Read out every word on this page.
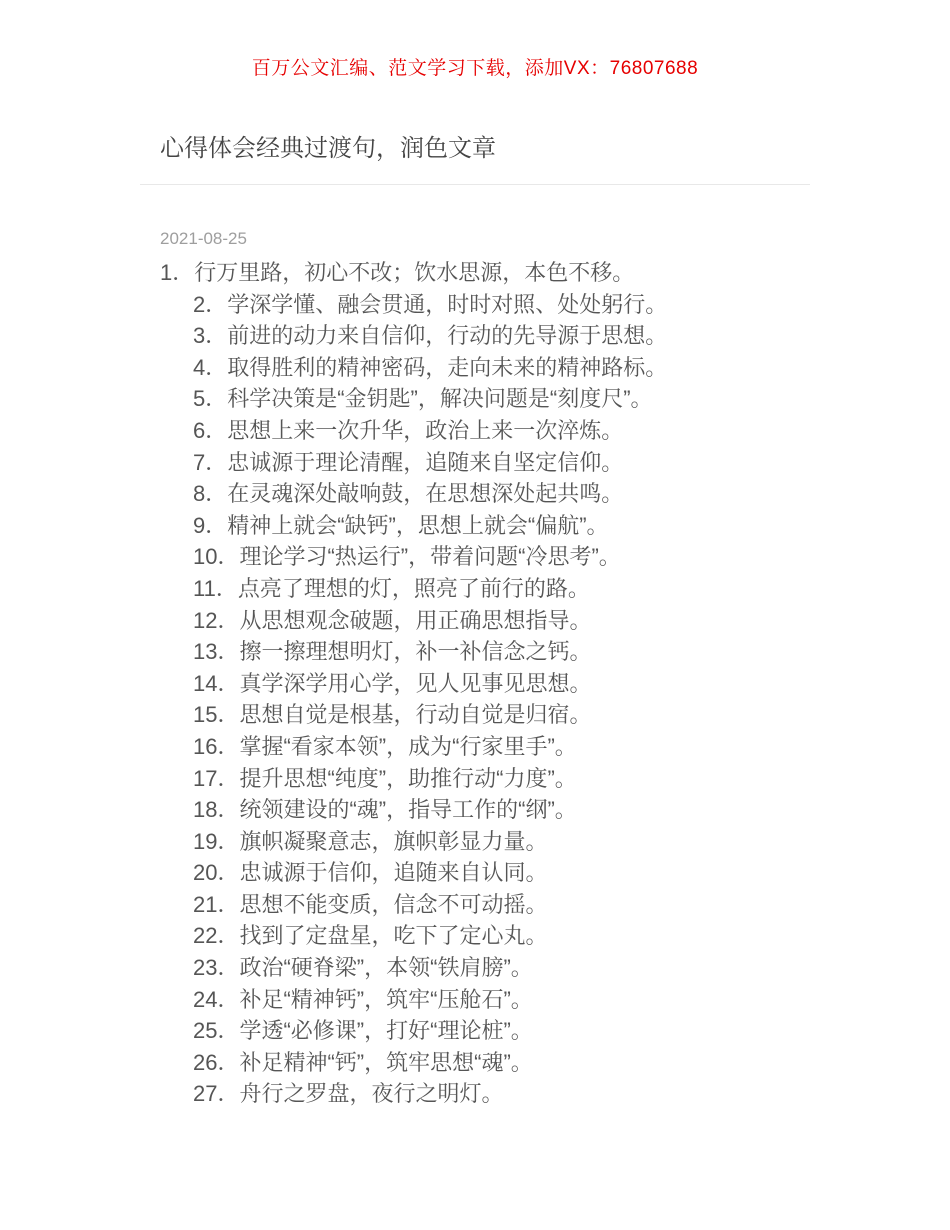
百万公文汇编、范文学习下载，添加VX：76807688
心得体会经典过渡句，润色文章
2021-08-25
1．行万里路，初心不改；饮水思源，本色不移。
2．学深学懂、融会贯通，时时对照、处处躬行。
3．前进的动力来自信仰，行动的先导源于思想。
4．取得胜利的精神密码，走向未来的精神路标。
5．科学决策是“金钥匙”，解决问题是“刻度尺”。
6．思想上来一次升华，政治上来一次淬炼。
7．忠诚源于理论清醒，追随来自坚定信仰。
8．在灵魂深处敲响鼓，在思想深处起共鸣。
9．精神上就会“缺钙”，思想上就会“偏航”。
10．理论学习“热运行”，带着问题“冷思考”。
11．点亮了理想的灯，照亮了前行的路。
12．从思想观念破题，用正确思想指导。
13．擦一擦理想明灯，补一补信念之钙。
14．真学深学用心学，见人见事见思想。
15．思想自觉是根基，行动自觉是归宿。
16．掌握“看家本领”，成为“行家里手”。
17．提升思想“纯度”，助推行动“力度”。
18．统领建设的“魂”，指导工作的“纲”。
19．旗帜凝聚意志，旗帜彰显力量。
20．忠诚源于信仰，追随来自认同。
21．思想不能变质，信念不可动摇。
22．找到了定盘星，吃下了定心丸。
23．政治“硬脊梁”，本领“铁肩膀”。
24．补足“精神钙”，筑牢“压舱石”。
25．学透“必修课”，打好“理论桩”。
26．补足精神“钙”，筑牢思想“魂”。
27．舟行之罗盘，夜行之明灯。
